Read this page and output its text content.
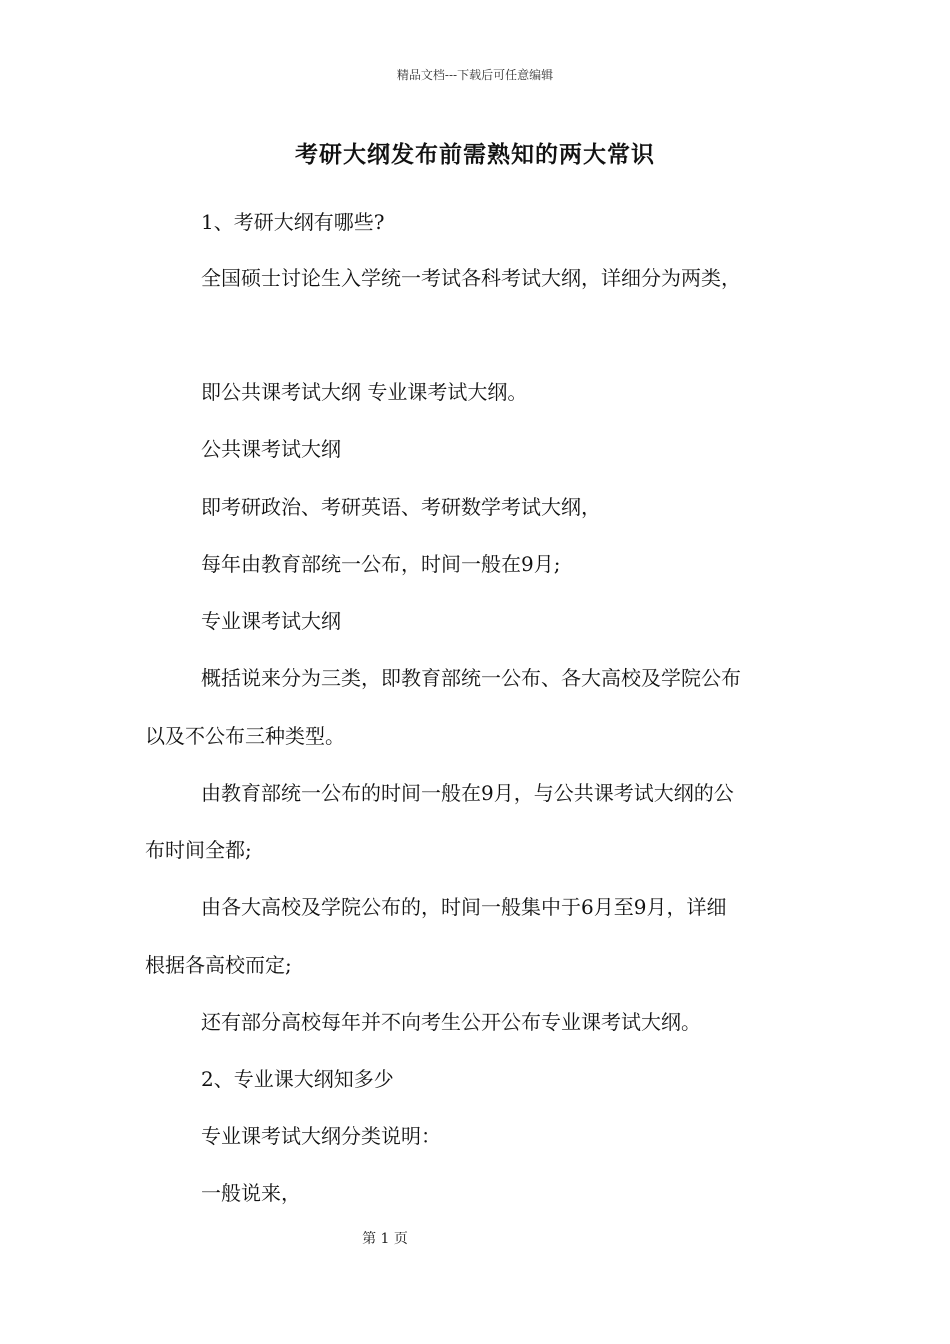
精品文档---下载后可任意编辑
考研大纲发布前需熟知的两大常识
1、考研大纲有哪些?
全国硕士讨论生入学统一考试各科考试大纲，详细分为两类，
即公共课考试大纲 专业课考试大纲。
公共课考试大纲
即考研政治、考研英语、考研数学考试大纲，
每年由教育部统一公布，时间一般在9月;
专业课考试大纲
概括说来分为三类，即教育部统一公布、各大高校及学院公布
以及不公布三种类型。
由教育部统一公布的时间一般在9月，与公共课考试大纲的公
布时间全都;
由各大高校及学院公布的，时间一般集中于6月至9月，详细
根据各高校而定;
还有部分高校每年并不向考生公开公布专业课考试大纲。
2、专业课大纲知多少
专业课考试大纲分类说明：
一般说来，
第 1 页
